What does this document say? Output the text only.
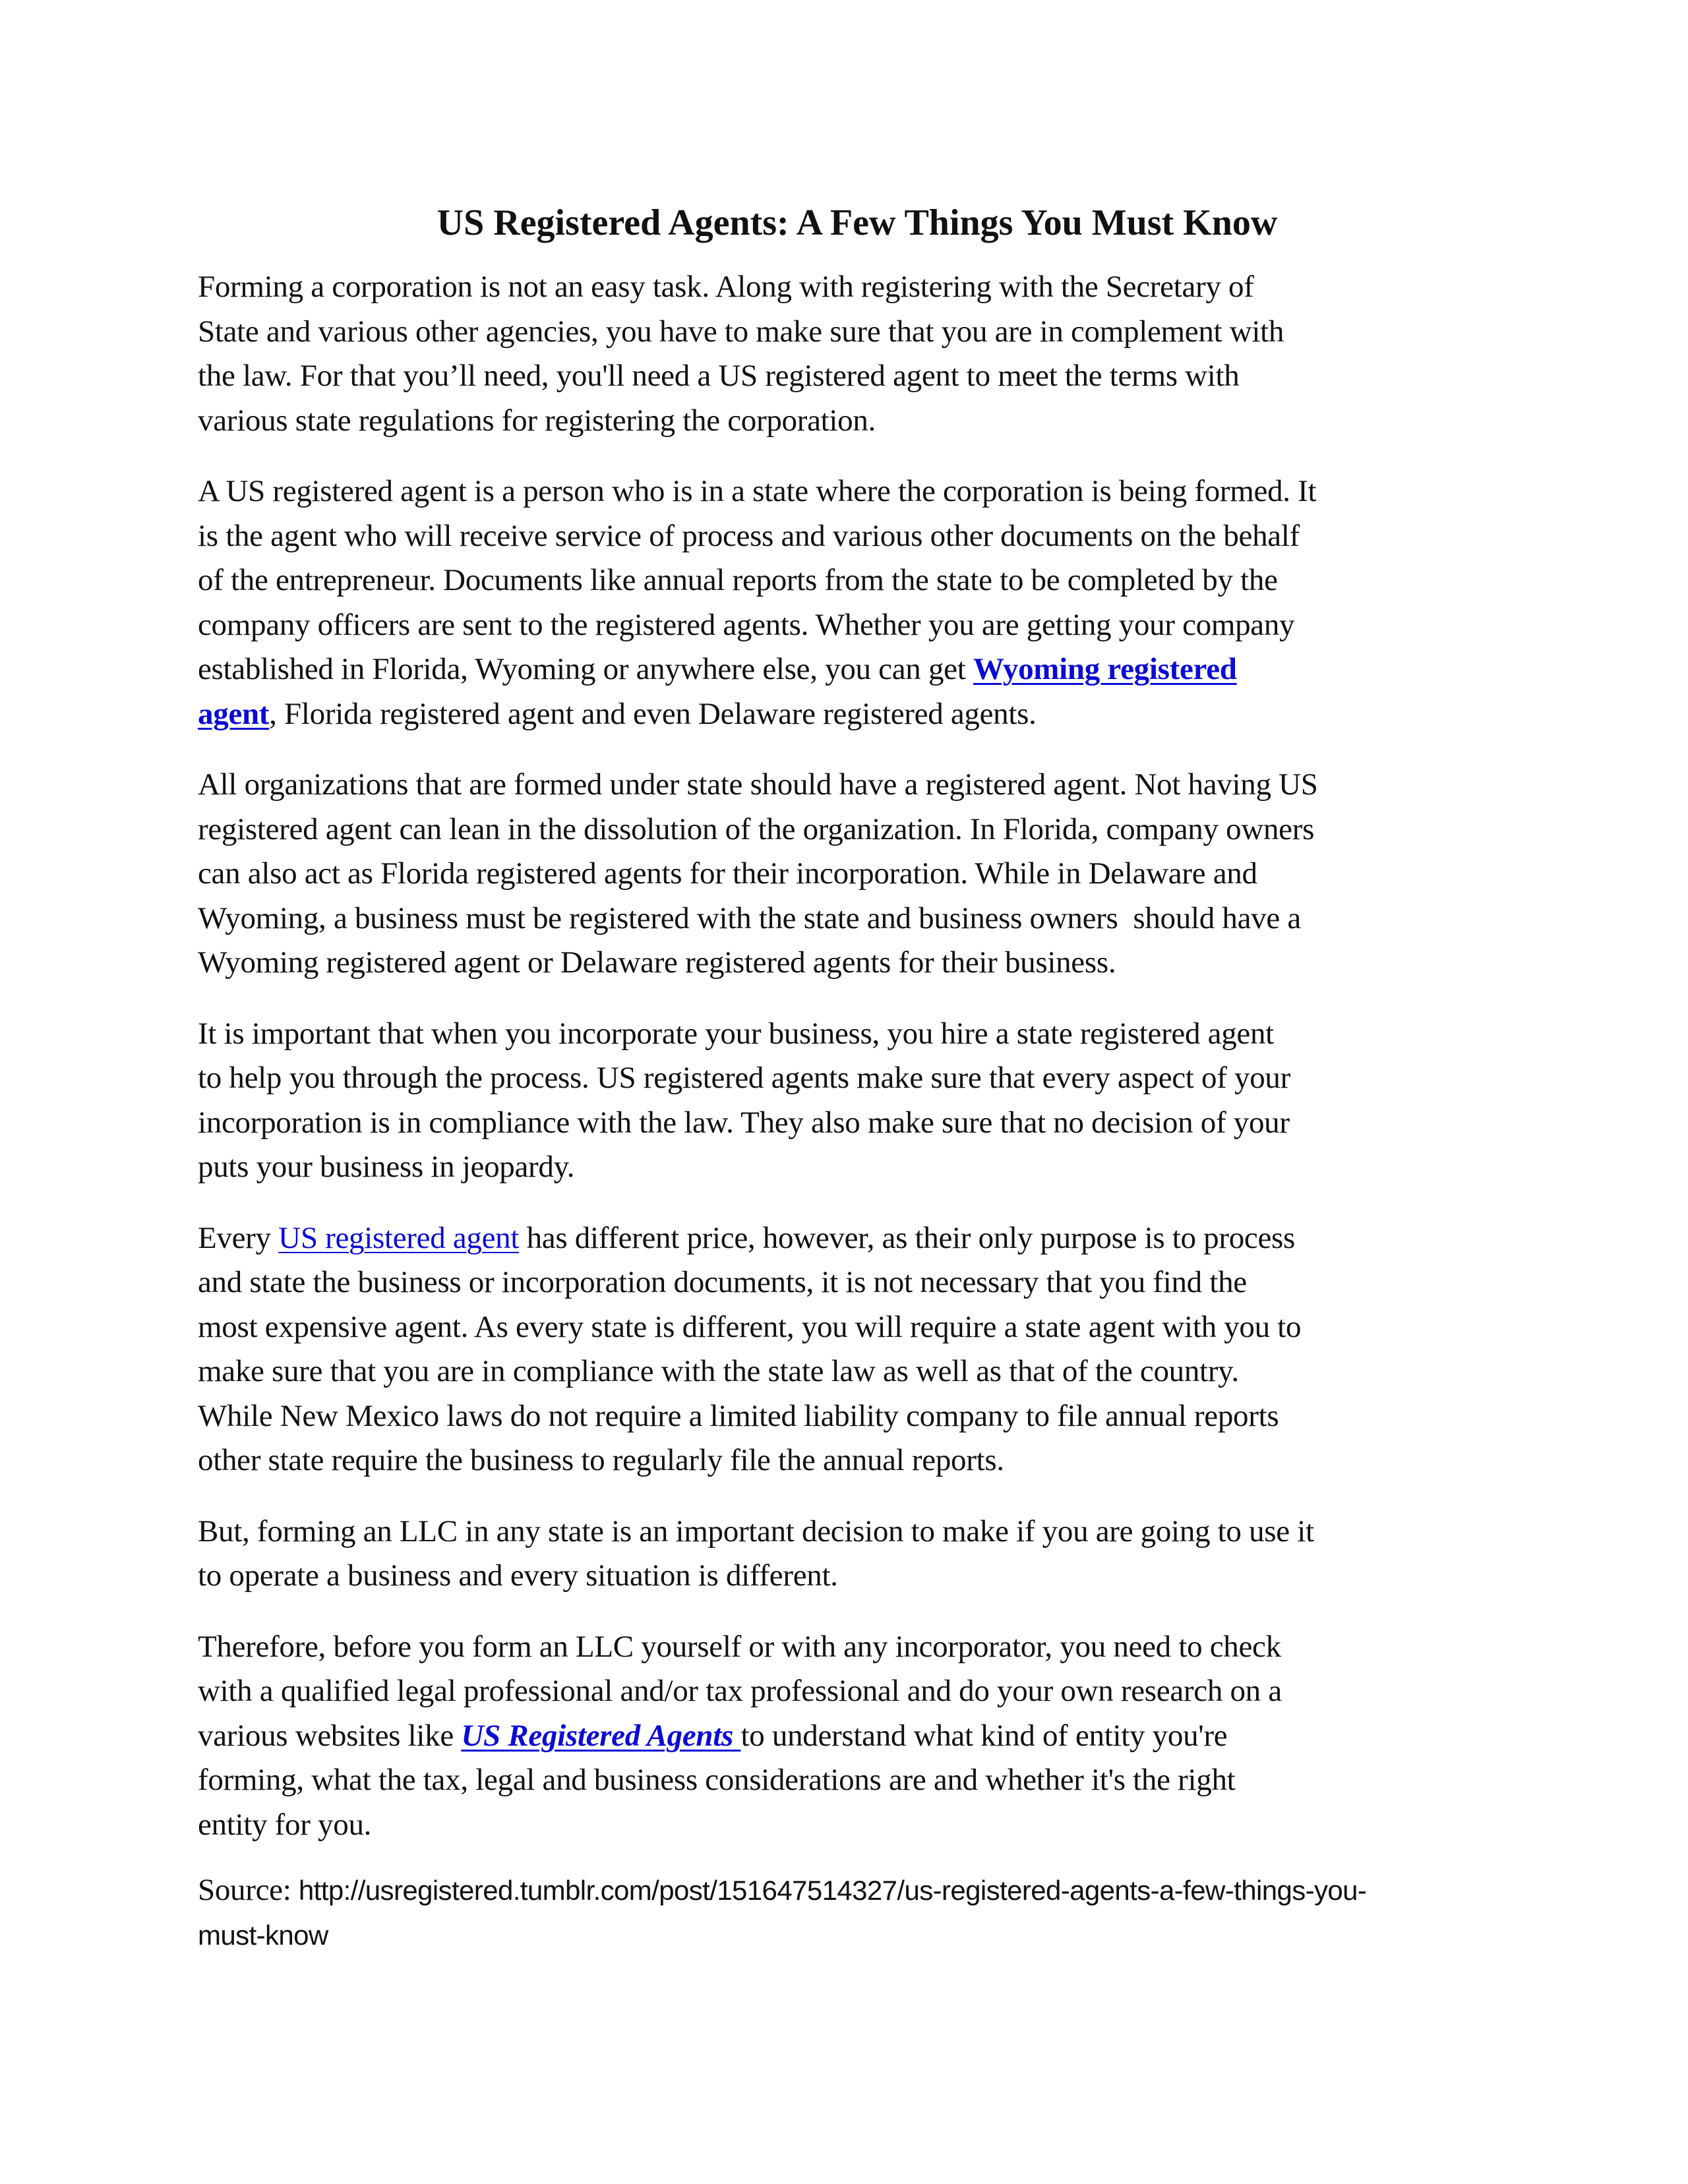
US Registered Agents: A Few Things You Must Know

Forming a corporation is not an easy task. Along with registering with the Secretary of
State and various other agencies, you have to make sure that you are in complement with
the law. For that you’ll need, you'll need a US registered agent to meet the terms with
various state regulations for registering the corporation.

A US registered agent is a person who is in a state where the corporation is being formed. It
is the agent who will receive service of process and various other documents on the behalf
of the entrepreneur. Documents like annual reports from the state to be completed by the
company officers are sent to the registered agents. Whether you are getting your company
established in Florida, Wyoming or anywhere else, you can get Wyoming registered
agent, Florida registered agent and even Delaware registered agents.

All organizations that are formed under state should have a registered agent. Not having US
registered agent can lean in the dissolution of the organization. In Florida, company owners
can also act as Florida registered agents for their incorporation. While in Delaware and
Wyoming, a business must be registered with the state and business owners  should have a
Wyoming registered agent or Delaware registered agents for their business.

It is important that when you incorporate your business, you hire a state registered agent
to help you through the process. US registered agents make sure that every aspect of your
incorporation is in compliance with the law. They also make sure that no decision of your
puts your business in jeopardy.

Every US registered agent has different price, however, as their only purpose is to process
and state the business or incorporation documents, it is not necessary that you find the
most expensive agent. As every state is different, you will require a state agent with you to
make sure that you are in compliance with the state law as well as that of the country.
While New Mexico laws do not require a limited liability company to file annual reports
other state require the business to regularly file the annual reports.

But, forming an LLC in any state is an important decision to make if you are going to use it
to operate a business and every situation is different.

Therefore, before you form an LLC yourself or with any incorporator, you need to check
with a qualified legal professional and/or tax professional and do your own research on a
various websites like US Registered Agents to understand what kind of entity you're
forming, what the tax, legal and business considerations are and whether it's the right
entity for you.

Source: http://usregistered.tumblr.com/post/151647514327/us-registered-agents-a-few-things-you-
must-know
